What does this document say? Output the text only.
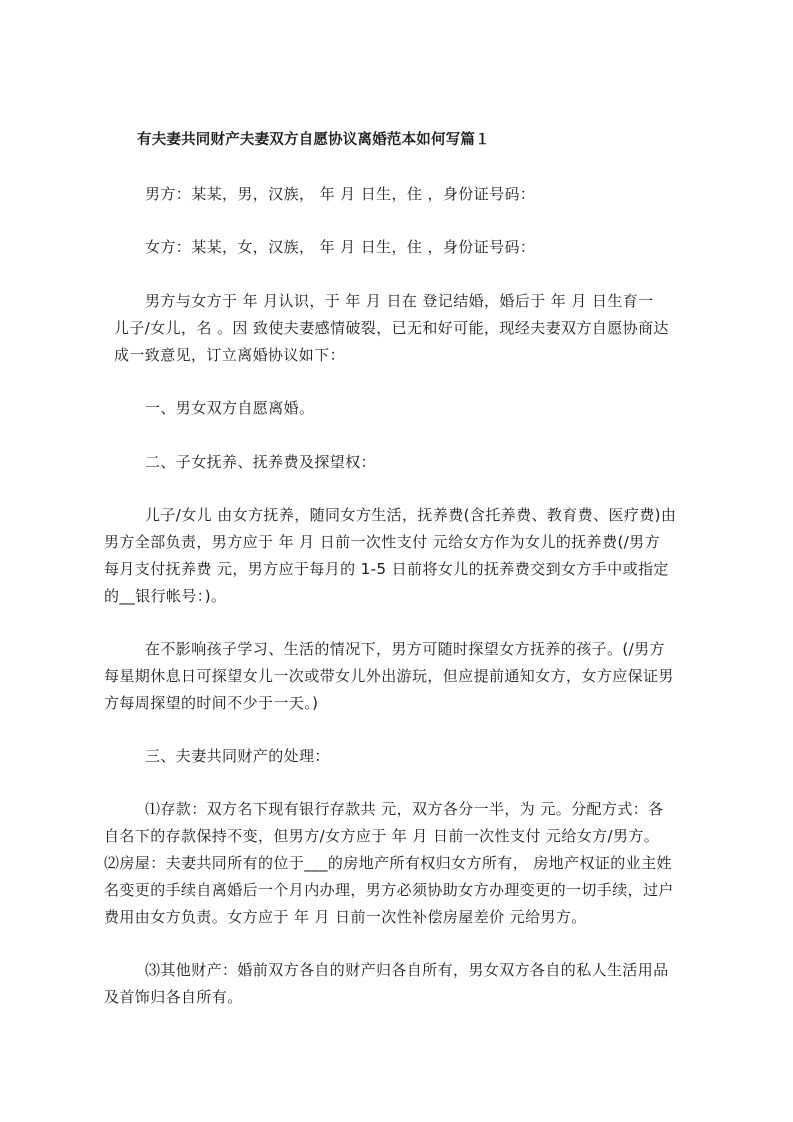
有夫妻共同财产夫妻双方自愿协议离婚范本如何写篇１

男方：某某，男，汉族， 年 月 日生，住 ，身份证号码：

女方：某某，女，汉族， 年 月 日生，住 ，身份证号码：

男方与女方于 年 月认识，于 年 月 日在 登记结婚，婚后于 年 月 日生育一

儿子/女儿，名 。因 致使夫妻感情破裂，已无和好可能，现经夫妻双方自愿协商达

成一致意见，订立离婚协议如下：

一、男女双方自愿离婚。

二、子女抚养、抚养费及探望权：

儿子/女儿 由女方抚养，随同女方生活，抚养费(含托养费、教育费、医疗费)由

男方全部负责，男方应于 年 月 日前一次性支付 元给女方作为女儿的抚养费(/男方

每月支付抚养费 元，男方应于每月的 1-5 日前将女儿的抚养费交到女方手中或指定

的__银行帐号：)。

在不影响孩子学习、生活的情况下，男方可随时探望女方抚养的孩子。(/男方

每星期休息日可探望女儿一次或带女儿外出游玩，但应提前通知女方，女方应保证男

方每周探望的时间不少于一天。)

三、夫妻共同财产的处理：

⑴存款：双方名下现有银行存款共 元，双方各分一半，为 元。分配方式：各

自名下的存款保持不变，但男方/女方应于 年 月 日前一次性支付 元给女方/男方。

⑵房屋：夫妻共同所有的位于___的房地产所有权归女方所有， 房地产权证的业主姓

名变更的手续自离婚后一个月内办理，男方必须协助女方办理变更的一切手续，过户

费用由女方负责。女方应于 年 月 日前一次性补偿房屋差价 元给男方。

⑶其他财产：婚前双方各自的财产归各自所有，男女双方各自的私人生活用品

及首饰归各自所有。
